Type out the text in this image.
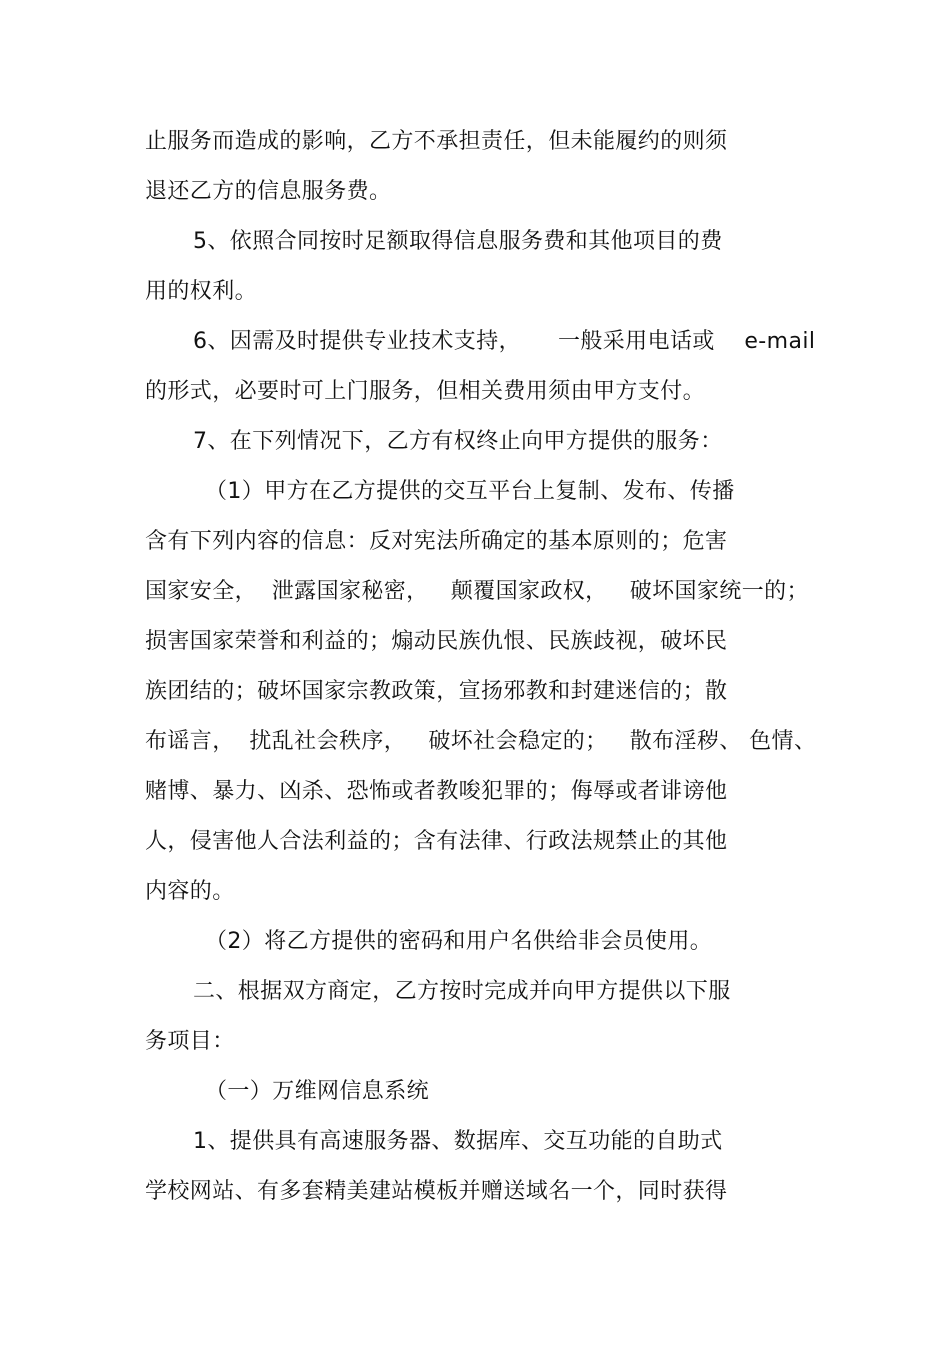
止服务而造成的影响，乙方不承担责任，但未能履约的则须
退还乙方的信息服务费。
5、依照合同按时足额取得信息服务费和其他项目的费
用的权利。
6、因需及时提供专业技术支持，     一般采用电话或    e-mail
的形式，必要时可上门服务，但相关费用须由甲方支付。
7、在下列情况下，乙方有权终止向甲方提供的服务：
（1）甲方在乙方提供的交互平台上复制、发布、传播
含有下列内容的信息：反对宪法所确定的基本原则的；危害
国家安全，  泄露国家秘密，   颠覆国家政权，   破坏国家统一的；
损害国家荣誉和利益的；煽动民族仇恨、民族歧视，破坏民
族团结的；破坏国家宗教政策，宣扬邪教和封建迷信的；散
布谣言，  扰乱社会秩序，   破坏社会稳定的；   散布淫秽、 色情、
赌博、暴力、凶杀、恐怖或者教唆犯罪的；侮辱或者诽谤他
人，侵害他人合法利益的；含有法律、行政法规禁止的其他
内容的。
（2）将乙方提供的密码和用户名供给非会员使用。
二、根据双方商定，乙方按时完成并向甲方提供以下服
务项目：
（一）万维网信息系统
1、提供具有高速服务器、数据库、交互功能的自助式
学校网站、有多套精美建站模板并赠送域名一个，同时获得
